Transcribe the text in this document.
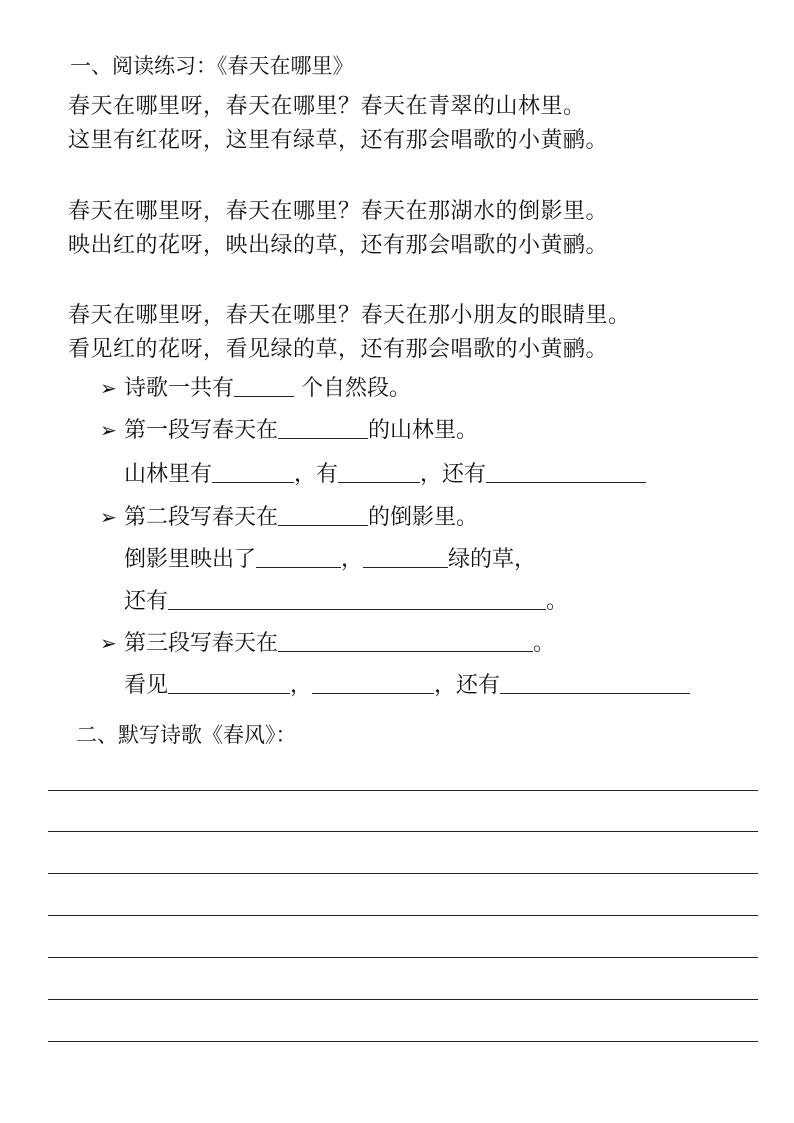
一、阅读练习：《春天在哪里》
春天在哪里呀，春天在哪里？春天在青翠的山林里。
这里有红花呀，这里有绿草，还有那会唱歌的小黄鹂。
春天在哪里呀，春天在哪里？春天在那湖水的倒影里。
映出红的花呀，映出绿的草，还有那会唱歌的小黄鹂。
春天在哪里呀，春天在哪里？春天在那小朋友的眼睛里。
看见红的花呀，看见绿的草，还有那会唱歌的小黄鹂。
➢ 诗歌一共有	个自然段。
➢ 第一段写春天在	的山林里。
山林里有	，有	，还有
➢ 第二段写春天在	的倒影里。
倒影里映出了	，	绿的草，
还有	。
➢ 第三段写春天在	。
看见	，	，还有
二、默写诗歌《春风》：
